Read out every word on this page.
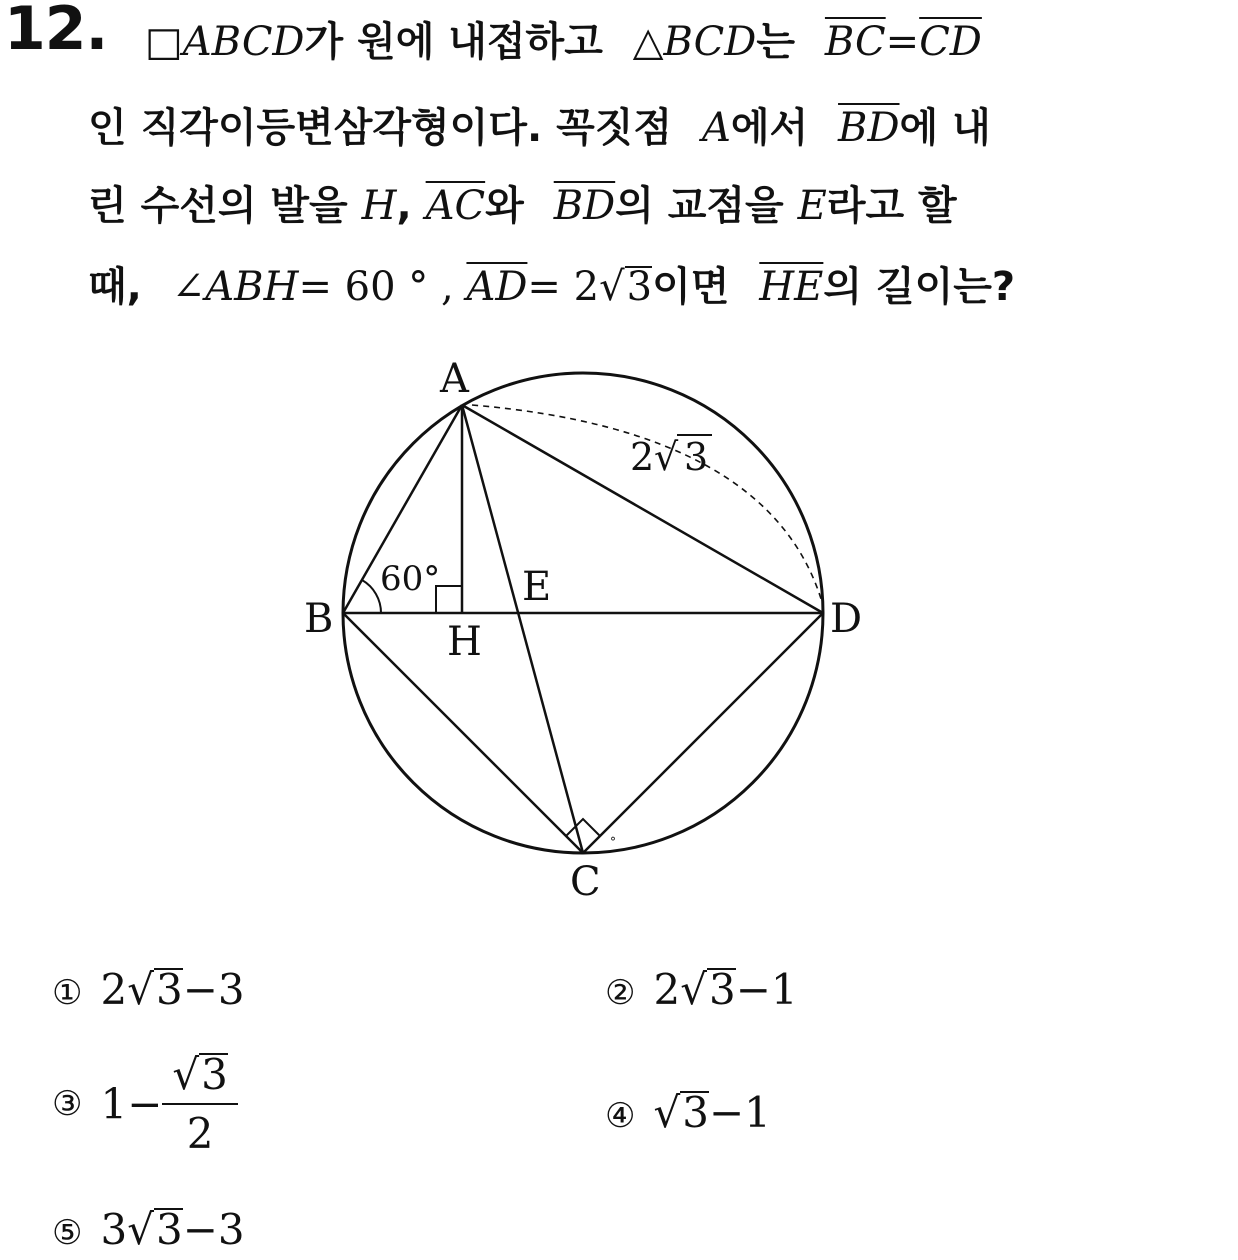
12. □ABCD가 원에 내접하고 △BCD는 $\overline{BC}=\overline{CD}$
인 직각이등변삼각형이다. 꼭짓점 A에서 $\overline{BD}$에 내
린 수선의 발을 H, $\overline{AC}$와 $\overline{BD}$의 교점을 E라고 할
때, ∠ABH= 60 ° , $\overline{AD}= 2√3$이면 $\overline{HE}$의 길이는?
°
A
B
C
D
E
H
60°
2 √ 3
① 2√3−3	② 2√3−1
③ $1- \frac{√3}{2}$	④ √3−1
⑤ 3√3−3
